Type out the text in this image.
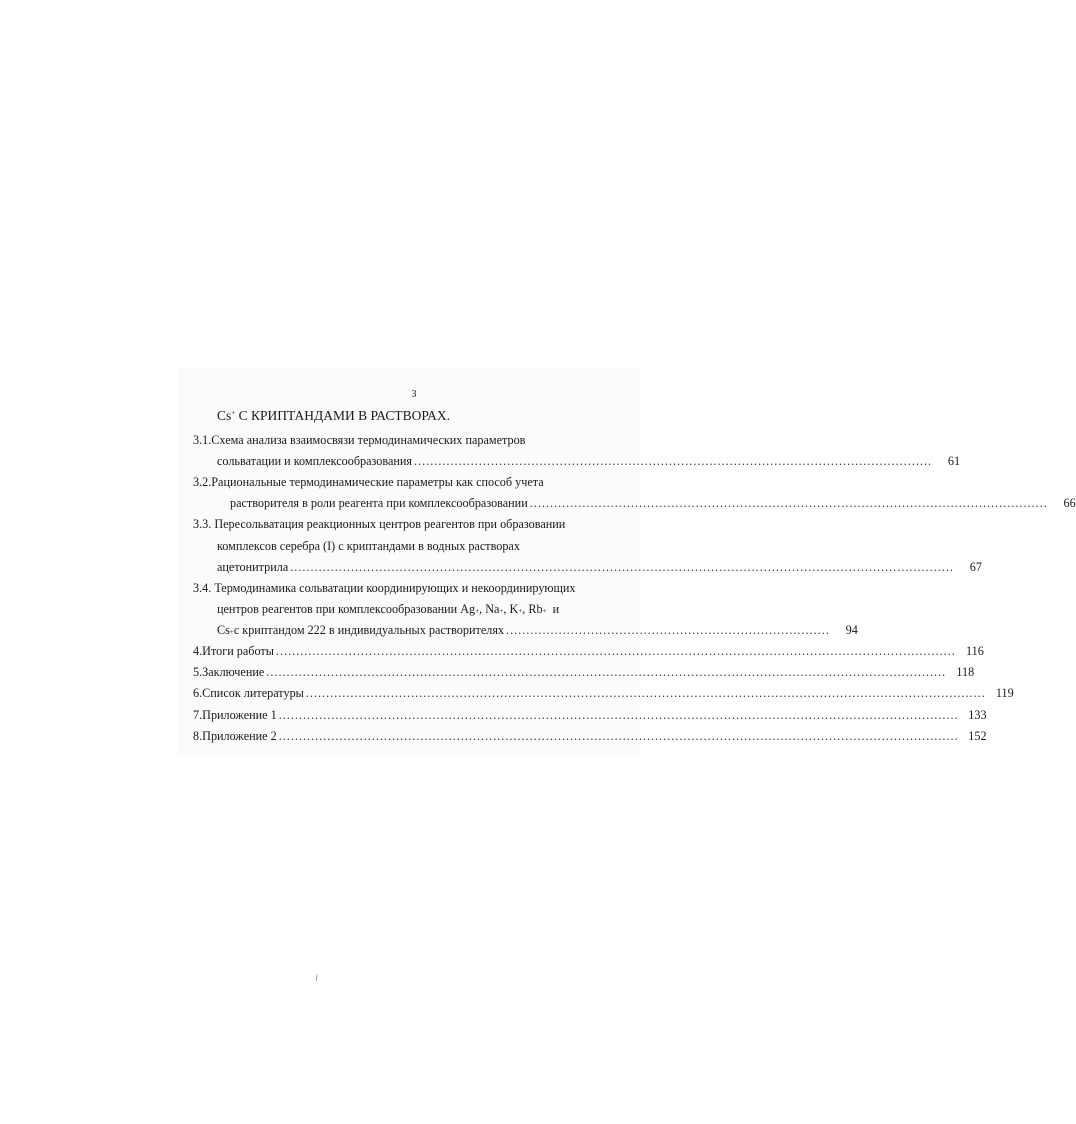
3
Cs+ С КРИПТАНДАМИ В РАСТВОРАХ.
3.1.Схема анализа взаимосвязи термодинамических параметров
сольватации и комплексообразования ................................................................................................................................	61
3.2.Рациональные термодинамические параметры как способ учета
растворителя в роли реагента при комплексообразовании ................................................................................................................................	66
3.3. Пересольватация реакционных центров реагентов при образовании
комплексов серебра (I) с криптандами в водных растворах
ацетонитрила ....................................................................................................................................................................	67
3.4. Термодинамика сольватации координирующих и некоординирующих
центров реагентов при комплексообразовании Ag + ,
Na + ,
K + ,
Rb +
и
Cs + с криптандом 222 в индивидуальных растворителях ................................................................................	94
4. Итоги работы ........................................................................................................................................................................ 116
5. Заключение ........................................................................................................................................................................ 118
6. Список литературы ........................................................................................................................................................................ 119
7. Приложение 1 ........................................................................................................................................................................ 133
8. Приложение 2 ........................................................................................................................................................................ 152
\
